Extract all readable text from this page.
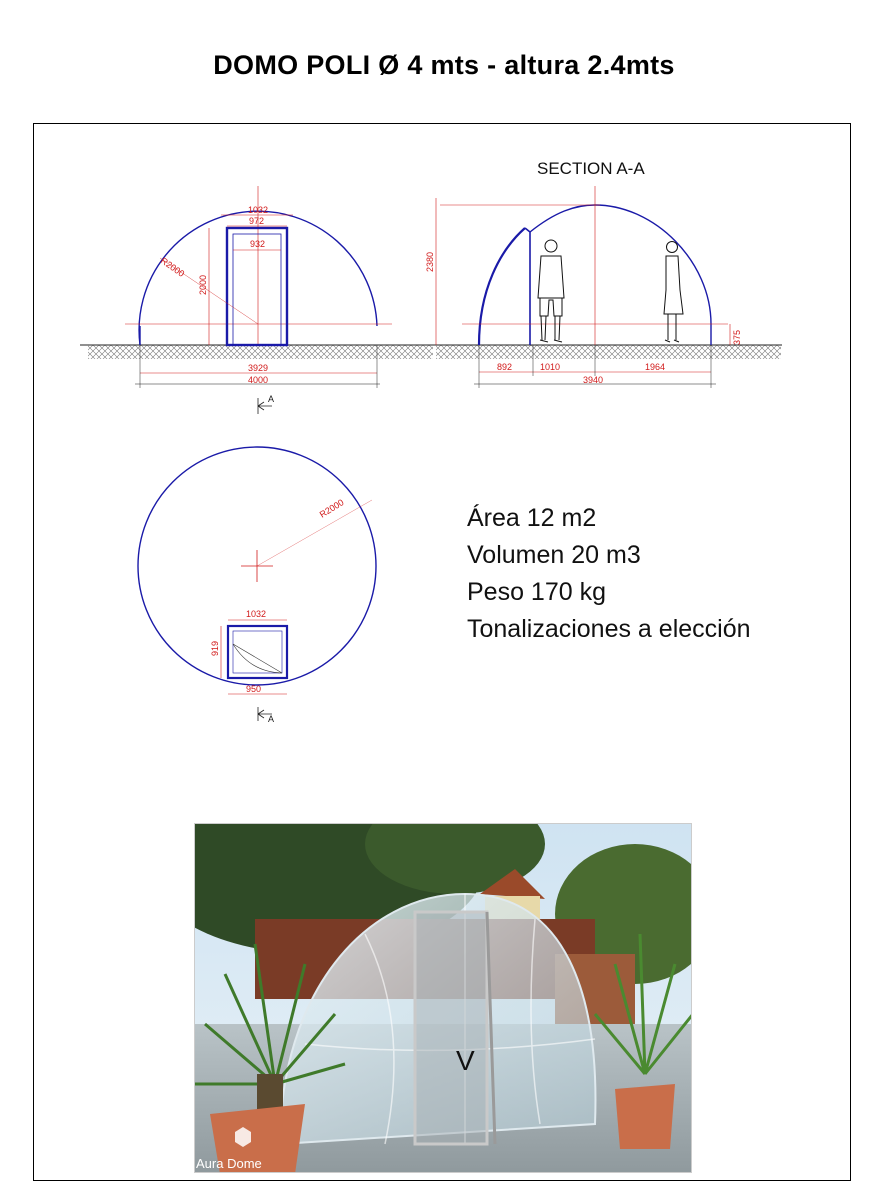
DOMO POLI Ø 4 mts - altura 2.4mts
1032
972
932
2000
R2000
3929
4000
A
SECTION A-A
2380
375
892	1010	1964
3940
R2000
1032
919
950
A
Área 12 m2
Volumen 20 m3
Peso 170 kg
Tonalizaciones a elección
V
Aura Dome
